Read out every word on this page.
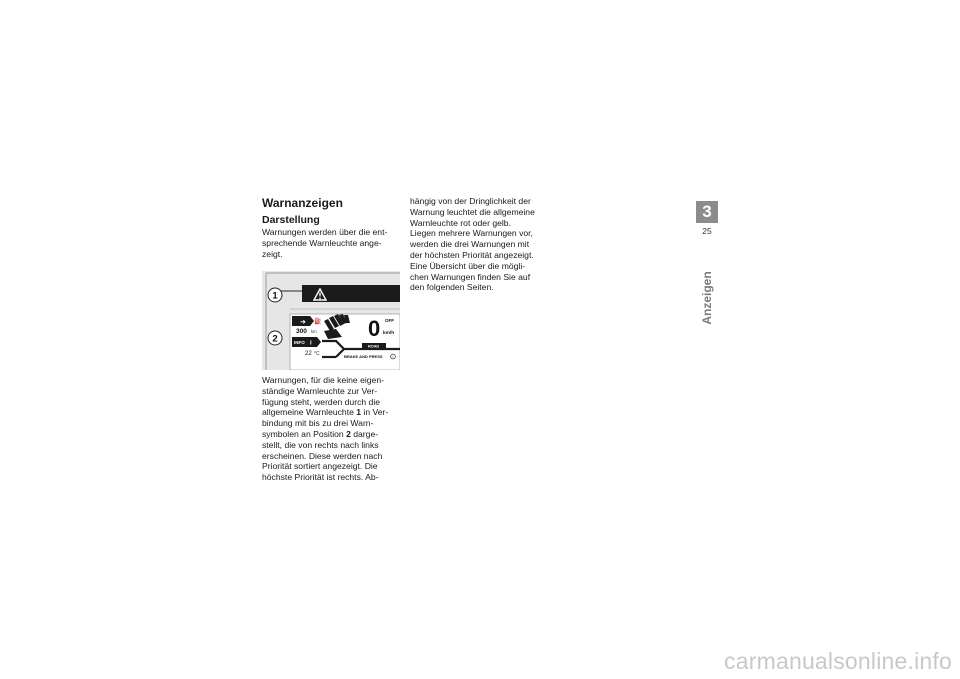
Warnanzeigen
Darstellung
Warnungen werden über die ent-
sprechende Warnleuchte ange-
zeigt.
1
2
➜ ⛽
300 km
INFO i
22 °C
0 OFF
km/h
ROAD
BRAKE AND PRESS	!
Warnungen, für die keine eigen-
ständige Warnleuchte zur Ver-
fügung steht, werden durch die
allgemeine Warnleuchte 1 in Ver-
bindung mit bis zu drei Warn-
symbolen an Position 2 darge-
stellt, die von rechts nach links
erscheinen. Diese werden nach
Priorität sortiert angezeigt. Die
höchste Priorität ist rechts. Ab-
hängig von der Dringlichkeit der
Warnung leuchtet die allgemeine
Warnleuchte rot oder gelb.
Liegen mehrere Warnungen vor,
werden die drei Warnungen mit
der höchsten Priorität angezeigt.
Eine Übersicht über die mögli-
chen Warnungen finden Sie auf
den folgenden Seiten.
3
25
Anzeigen
carmanualsonline.info
